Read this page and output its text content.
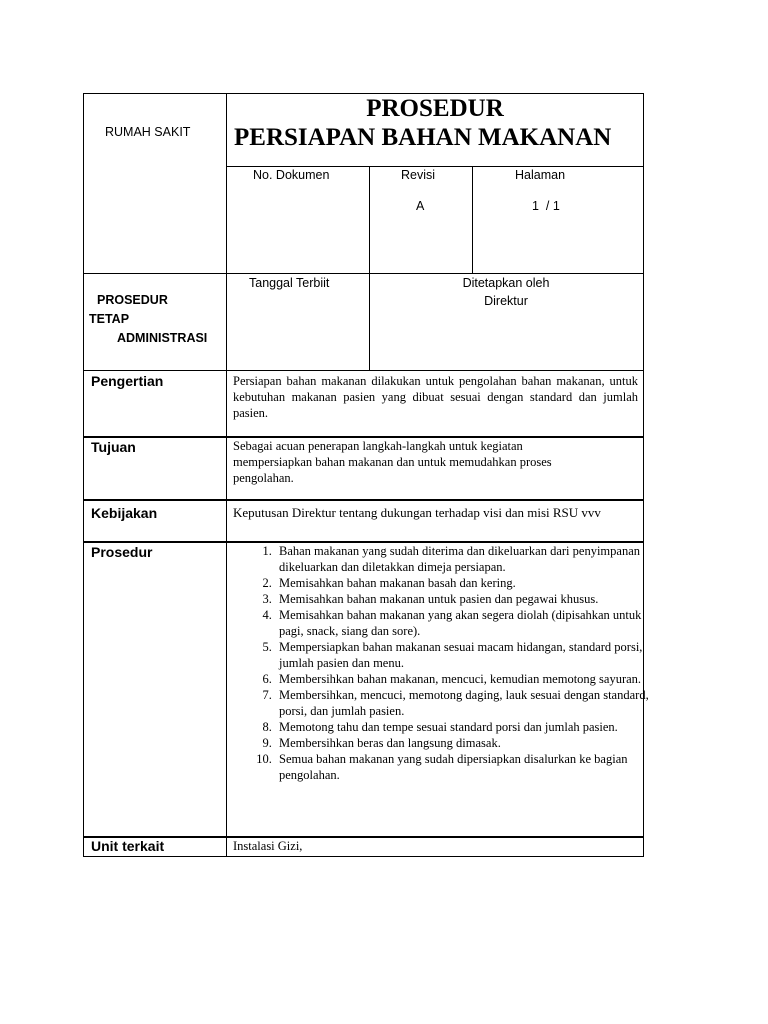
RUMAH SAKIT
PROSEDUR
PERSIAPAN BAHAN MAKANAN
No. Dokumen	Revisi
A
Halaman
1  / 1
PROSEDUR
TETAP
ADMINISTRASI
Tanggal Terbiit	Ditetapkan oleh
Direktur
Pengertian	Persiapan bahan makanan dilakukan untuk pengolahan bahan makanan, untuk kebutuhan makanan pasien yang dibuat sesuai dengan standard dan jumlah pasien.
Tujuan	Sebagai acuan penerapan langkah-langkah untuk kegiatan mempersiapkan bahan makanan dan untuk memudahkan proses pengolahan.
Kebijakan	Keputusan Direktur tentang dukungan terhadap visi dan misi RSU vvv
Prosedur
1.	Bahan makanan yang sudah diterima dan dikeluarkan dari penyimpanan dikeluarkan dan diletakkan dimeja persiapan.
2. Memisahkan bahan makanan basah dan kering.
3. Memisahkan bahan makanan untuk pasien dan pegawai khusus.
4. Memisahkan bahan makanan yang akan segera diolah (dipisahkan untuk pagi, snack, siang dan sore).
5. Mempersiapkan bahan makanan sesuai macam hidangan, standard porsi, jumlah pasien dan menu.
6. Membersihkan bahan makanan, mencuci, kemudian memotong sayuran.
7. Membersihkan, mencuci, memotong daging, lauk sesuai dengan standard, porsi, dan jumlah pasien.
8. Memotong tahu dan tempe sesuai standard porsi dan jumlah pasien.
9. Membersihkan beras dan langsung dimasak.
10. Semua bahan makanan yang sudah dipersiapkan disalurkan ke bagian pengolahan.
Unit terkait	Instalasi Gizi,
